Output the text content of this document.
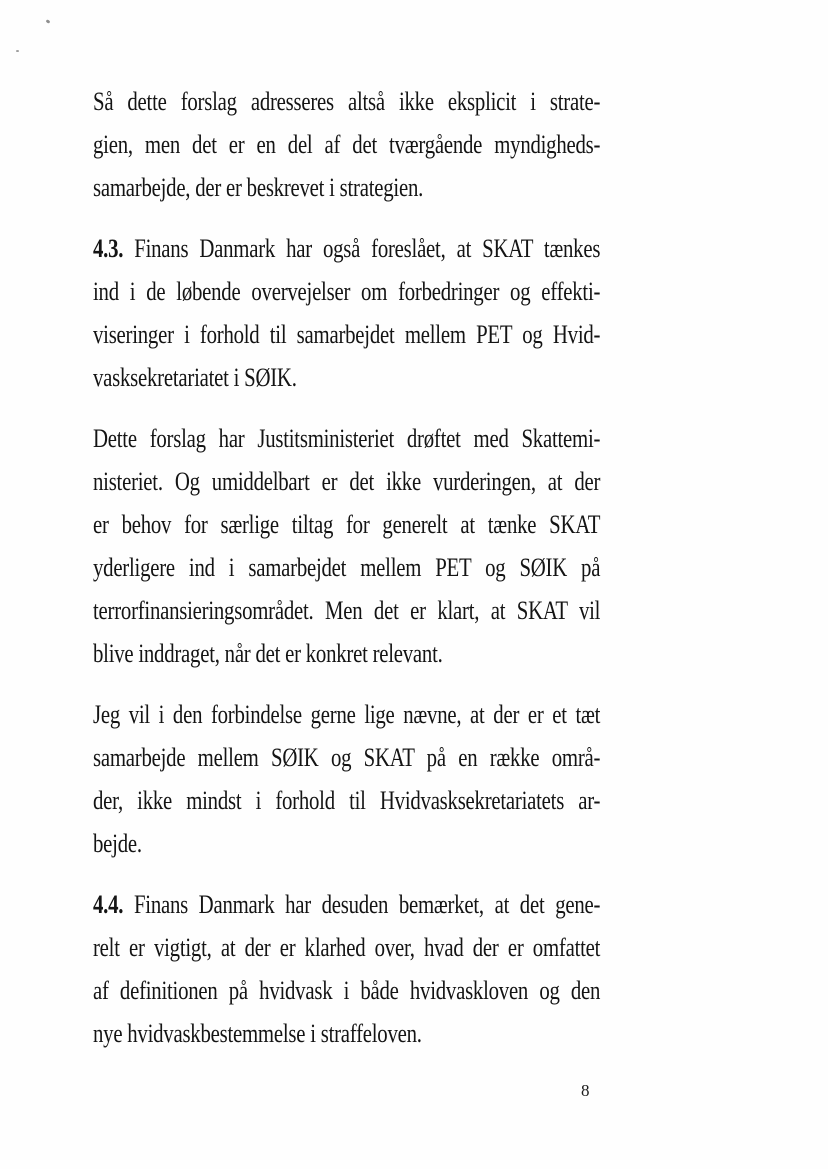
Så dette forslag adresseres altså ikke eksplicit i strate-
gien, men det er en del af det tværgående myndigheds-
samarbejde, der er beskrevet i strategien.
4.3. Finans Danmark har også foreslået, at SKAT tænkes
ind i de løbende overvejelser om forbedringer og effekti-
viseringer i forhold til samarbejdet mellem PET og Hvid-
vasksekretariatet i SØIK.
Dette forslag har Justitsministeriet drøftet med Skattemi-
nisteriet. Og umiddelbart er det ikke vurderingen, at der
er behov for særlige tiltag for generelt at tænke SKAT
yderligere ind i samarbejdet mellem PET og SØIK på
terrorfinansieringsområdet. Men det er klart, at SKAT vil
blive inddraget, når det er konkret relevant.
Jeg vil i den forbindelse gerne lige nævne, at der er et tæt
samarbejde mellem SØIK og SKAT på en række områ-
der, ikke mindst i forhold til Hvidvasksekretariatets ar-
bejde.
4.4. Finans Danmark har desuden bemærket, at det gene-
relt er vigtigt, at der er klarhed over, hvad der er omfattet
af definitionen på hvidvask i både hvidvaskloven og den
nye hvidvaskbestemmelse i straffeloven.
8
